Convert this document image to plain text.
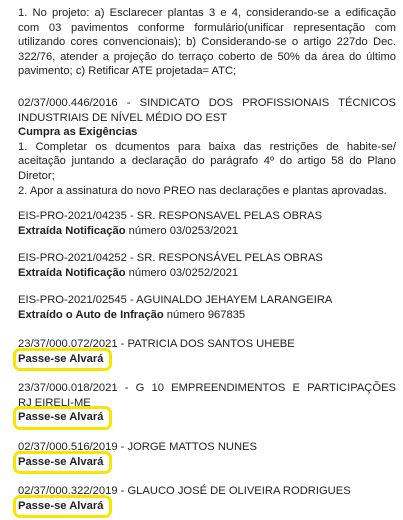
1. No projeto: a) Esclarecer plantas 3 e 4, considerando-se a edificação

com 03 pavimentos conforme formulário(unificar representação com

utilizando cores convencionais); b) Considerando-se o artigo 227do Dec.

322/76, atender a projeção do terraço coberto de 50% da área do último

pavimento; c) Retificar ATE projetada= ATC;

02/37/000.446/2016 - SINDICATO DOS PROFISSIONAIS TÉCNICOS

INDUSTRIAIS DE NÍVEL MÉDIO DO EST

Cumpra as Exigências

1. Completar os dcumentos para baixa das restrições de habite-se/

aceitação juntando a declaração do parágrafo 4º do artigo 58 do Plano

Diretor;

2. Apor a assinatura do novo PREO nas declarações e plantas aprovadas.

EIS-PRO-2021/04235 - SR. RESPONSAVEL PELAS OBRAS

Extraída Notificação número 03/0253/2021

EIS-PRO-2021/04252 - SR. RESPONSÁVEL PELAS OBRAS

Extraída Notificação número 03/0252/2021

EIS-PRO-2021/02545 - AGUINALDO JEHAYEM LARANGEIRA

Extraído o Auto de Infração número 967835

23/37/000.072/2021 - PATRICIA DOS SANTOS UHEBE

Passe-se Alvará

23/37/000.018/2021 - G 10 EMPREENDIMENTOS E PARTICIPAÇÕES

RJ EIRELI-ME

Passe-se Alvará

02/37/000.516/2019 - JORGE MATTOS NUNES

Passe-se Alvará

02/37/000.322/2019 - GLAUCO JOSÉ DE OLIVEIRA RODRIGUES

Passe-se Alvará
